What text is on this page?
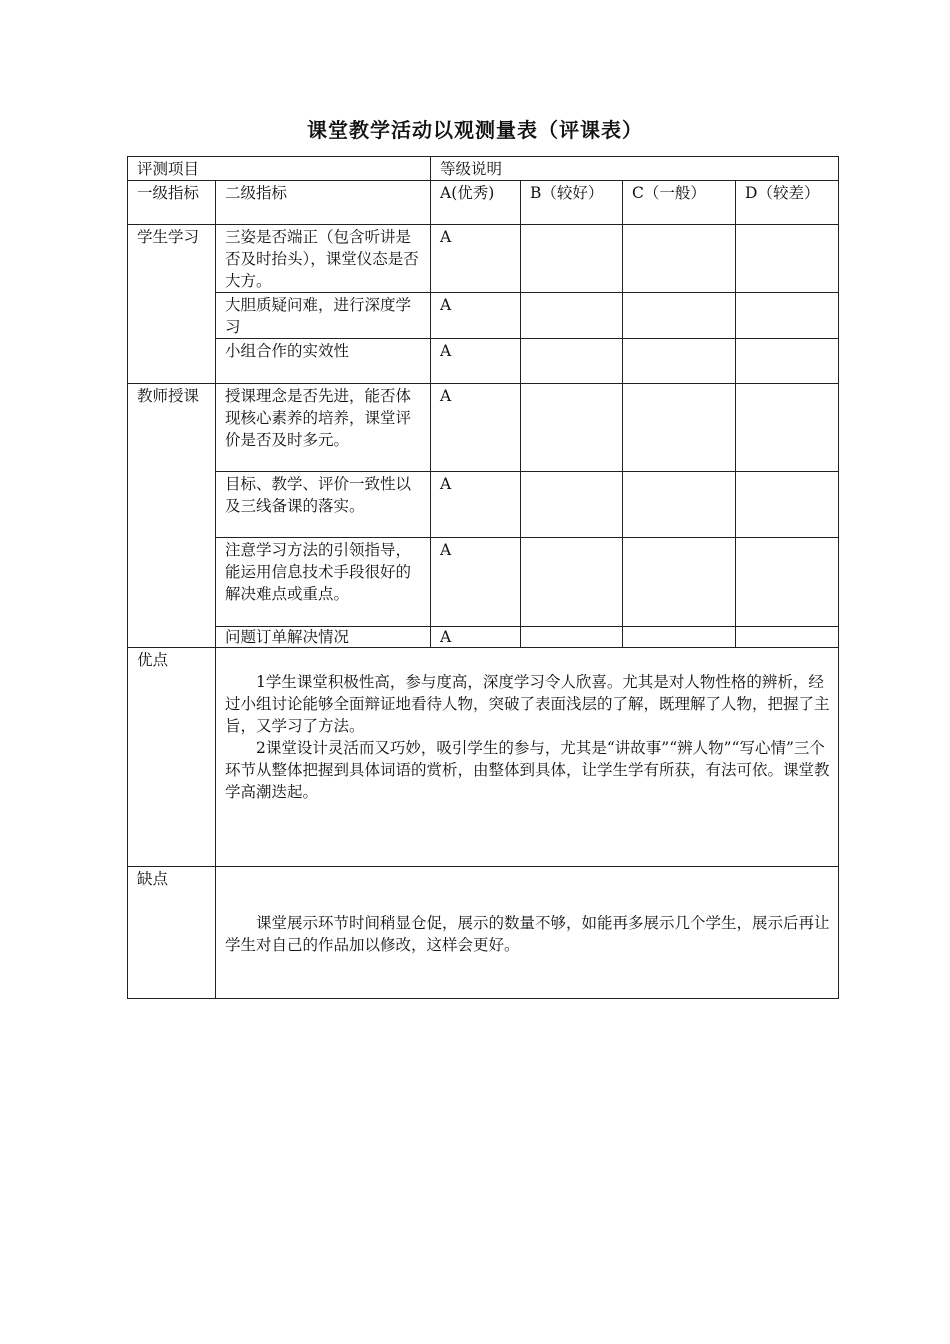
课堂教学活动以观测量表（评课表）
评测项目		等级说明			
一级指标	二级指标	A(优秀)	B（较好）	C（一般）	D（较差）
学生学习	三姿是否端正（包含听讲是否及时抬头），课堂仪态是否大方。	A			
	大胆质疑问难，进行深度学习	A			
	小组合作的实效性	A			
教师授课	授课理念是否先进，能否体现核心素养的培养，课堂评价是否及时多元。	A			
	目标、教学、评价一致性以及三线备课的落实。	A			
	注意学习方法的引领指导，能运用信息技术手段很好的解决难点或重点。	A			
	问题订单解决情况	A			
优点	1学生课堂积极性高，参与度高，深度学习令人欣喜。尤其是对人物性格的辨析，经过小组讨论能够全面辩证地看待人物，突破了表面浅层的了解，既理解了人物，把握了主旨，又学习了方法。

2课堂设计灵活而又巧妙，吸引学生的参与，尤其是“讲故事”“辨人物”“写心情”三个环节从整体把握到具体词语的赏析，由整体到具体，让学生学有所获，有法可依。课堂教学高潮迭起。				

缺点	课堂展示环节时间稍显仓促，展示的数量不够，如能再多展示几个学生，展示后再让学生对自己的作品加以修改，这样会更好。				
